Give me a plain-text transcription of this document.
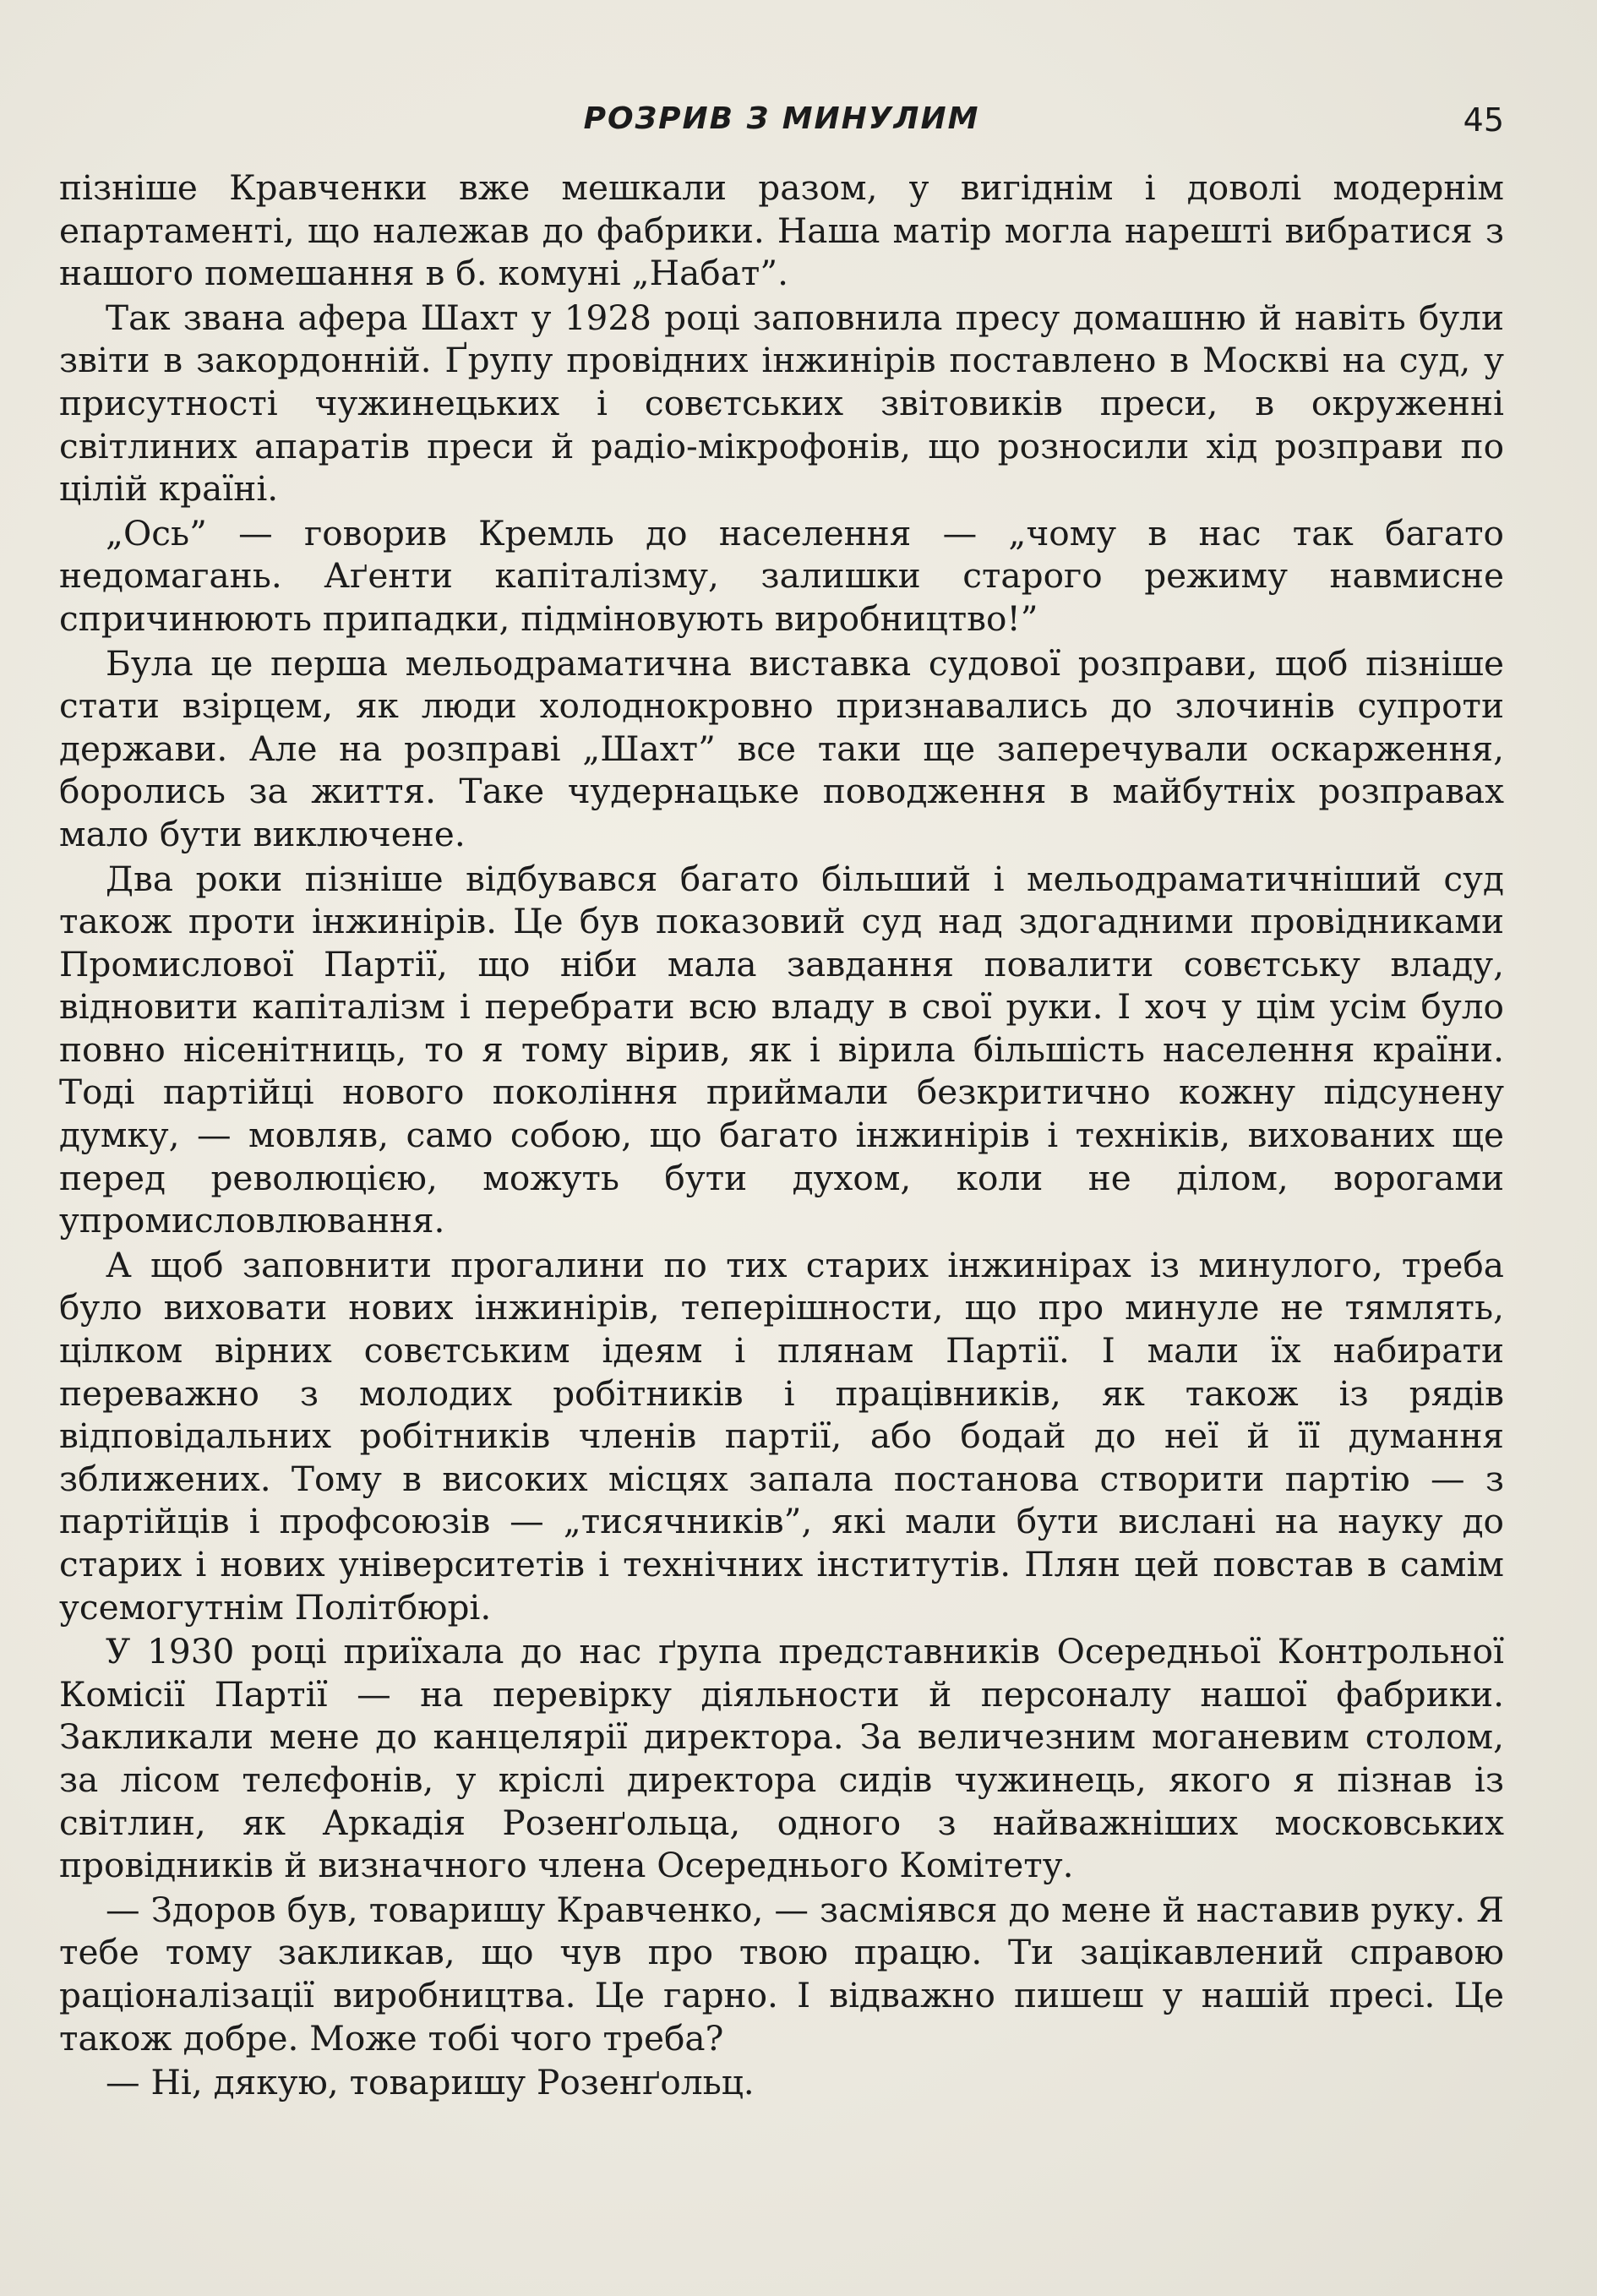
РОЗРИВ З МИНУЛИМ	45

пізніше Кравченки вже мешкали разом, у вигіднім і доволі модернім епартаменті, що належав до фабрики. Наша матір могла нарешті вибратися з нашого помешання в б. комуні „Набат”.

Так звана афера Шахт у 1928 році заповнила пресу домашню й навіть були звіти в закордонній. Ґрупу провідних інжинірів поставлено в Москві на суд, у присутності чужинецьких і совєтських звітовиків преси, в окруженні світлиних апаратів преси й радіо-мікрофонів, що розносили хід розправи по цілій країні.

„Ось” — говорив Кремль до населення — „чому в нас так багато недомагань. Аґенти капіталізму, залишки старого режиму навмисне спричинюють припадки, підміновують виробництво!”

Була це перша мельодраматична виставка судової розправи, щоб пізніше стати взірцем, як люди холоднокровно признавались до злочинів супроти держави. Але на розправі „Шахт” все таки ще заперечували оскарження, боролись за життя. Таке чудернацьке поводження в майбутніх розправах мало бути виключене.

Два роки пізніше відбувався багато більший і мельодраматичніший суд також проти інжинірів. Це був показовий суд над здогадними провідниками Промислової Партії, що ніби мала завдання повалити совєтську владу, відновити капіталізм і перебрати всю владу в свої руки. І хоч у цім усім було повно нісенітниць, то я тому вірив, як і вірила більшість населення країни. Тоді партійці нового покоління приймали безкритично кожну підсунену думку, — мовляв, само собою, що багато інжинірів і техніків, вихованих ще перед революцією, можуть бути духом, коли не ділом, ворогами упромисловлювання.

А щоб заповнити прогалини по тих старих інжинірах із минулого, треба було виховати нових інжинірів, теперішности, що про минуле не тямлять, цілком вірних совєтським ідеям і плянам Партії. І мали їх набирати переважно з молодих робітників і працівників, як також із рядів відповідальних робітників членів партії, або бодай до неї й її думання зближених. Тому в високих місцях запала постанова створити партію — з партійців і профсоюзів — „тисячників”, які мали бути вислані на науку до старих і нових університетів і технічних інститутів. Плян цей повстав в самім усемогутнім Політбюрі.

У 1930 році приїхала до нас ґрупа представників Осередньої Контрольної Комісії Партії — на перевірку діяльности й персоналу нашої фабрики. Закликали мене до канцелярії директора. За величезним моганевим столом, за лісом телєфонів, у кріслі директора сидів чужинець, якого я пізнав із світлин, як Аркадія Розенґольца, одного з найважніших московських провідників й визначного члена Осереднього Комітету.

— Здоров був, товаришу Кравченко, — засміявся до мене й наставив руку. Я тебе тому закликав, що чув про твою працю. Ти зацікавлений справою раціоналізації виробництва. Це гарно. І відважно пишеш у нашій пресі. Це також добре. Може тобі чого треба?

— Ні, дякую, товаришу Розенґольц.
